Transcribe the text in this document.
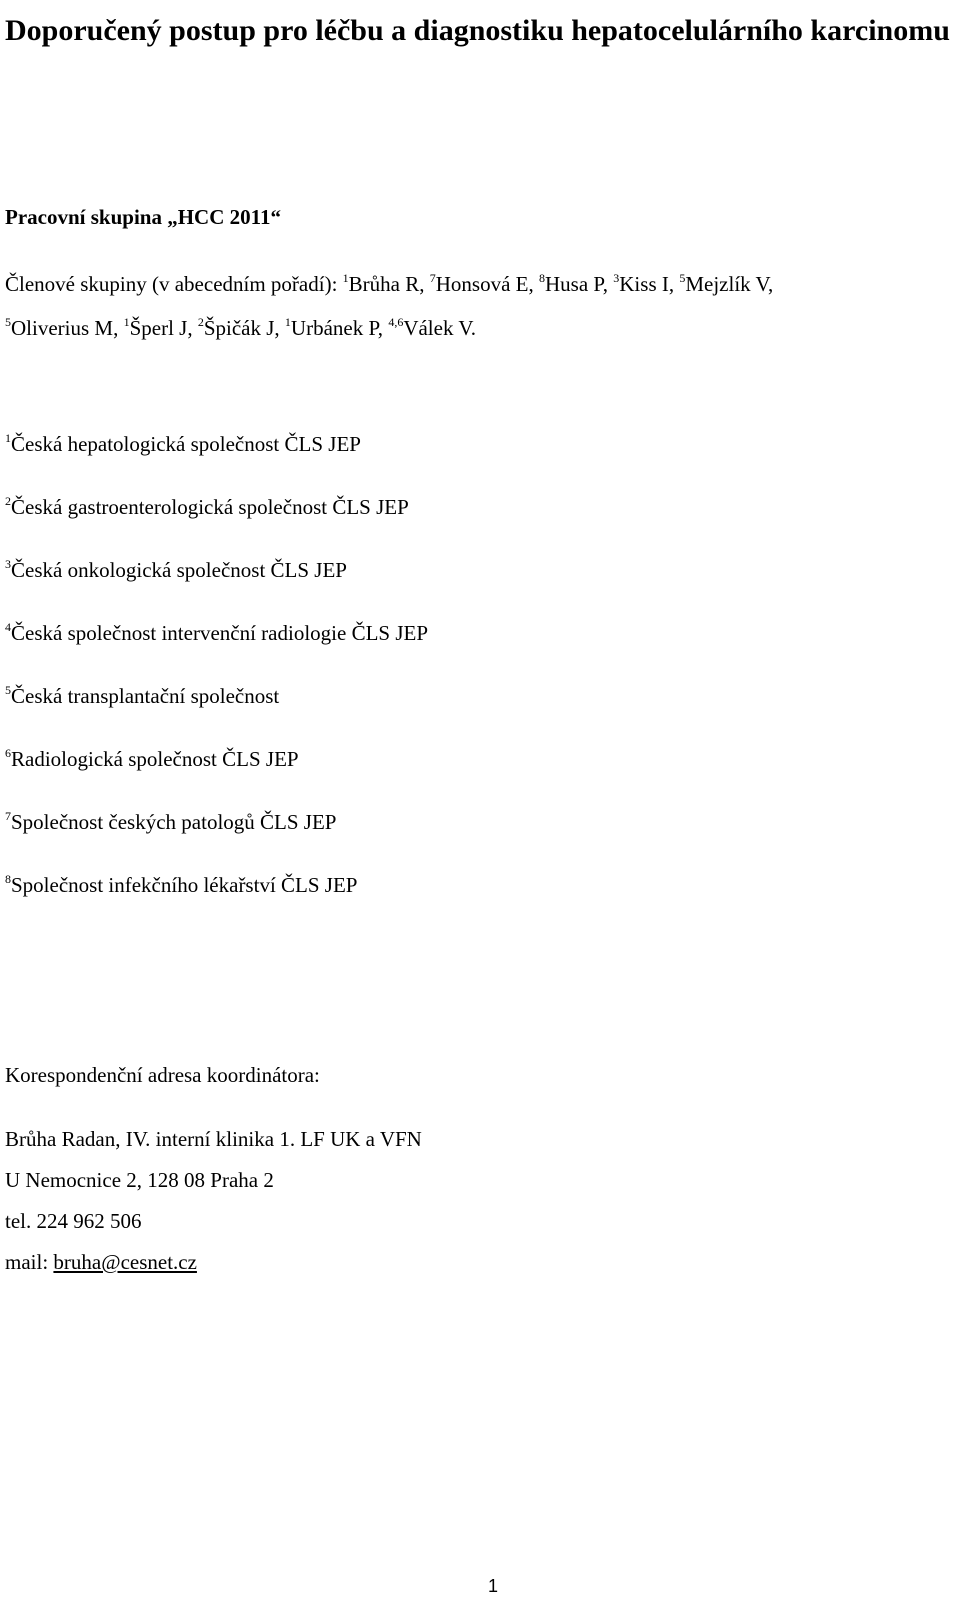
Doporučený postup pro léčbu a diagnostiku hepatocelulárního karcinomu

Pracovní skupina „HCC 2011“

Členové skupiny (v abecedním pořadí): $^1$Brůha R, $^7$Honsová E, $^8$Husa P, $^3$Kiss I, $^5$Mejzlík V,
$^5$Oliverius M, $^1$Šperl J, $^2$Špičák J, $^1$Urbánek P, $^{4,6}$Válek V.

$^1$Česká hepatologická společnost ČLS JEP

$^2$Česká gastroenterologická společnost ČLS JEP

$^3$Česká onkologická společnost ČLS JEP

$^4$Česká společnost intervenční radiologie ČLS JEP

$^5$Česká transplantační společnost

$^6$Radiologická společnost ČLS JEP

$^7$Společnost českých patologů ČLS JEP

$^8$Společnost infekčního lékařství ČLS JEP

Korespondenční adresa koordinátora:

Brůha Radan, IV. interní klinika 1. LF UK a VFN

U Nemocnice 2, 128 08 Praha 2

tel. 224 962 506

mail: bruha@cesnet.cz

1
